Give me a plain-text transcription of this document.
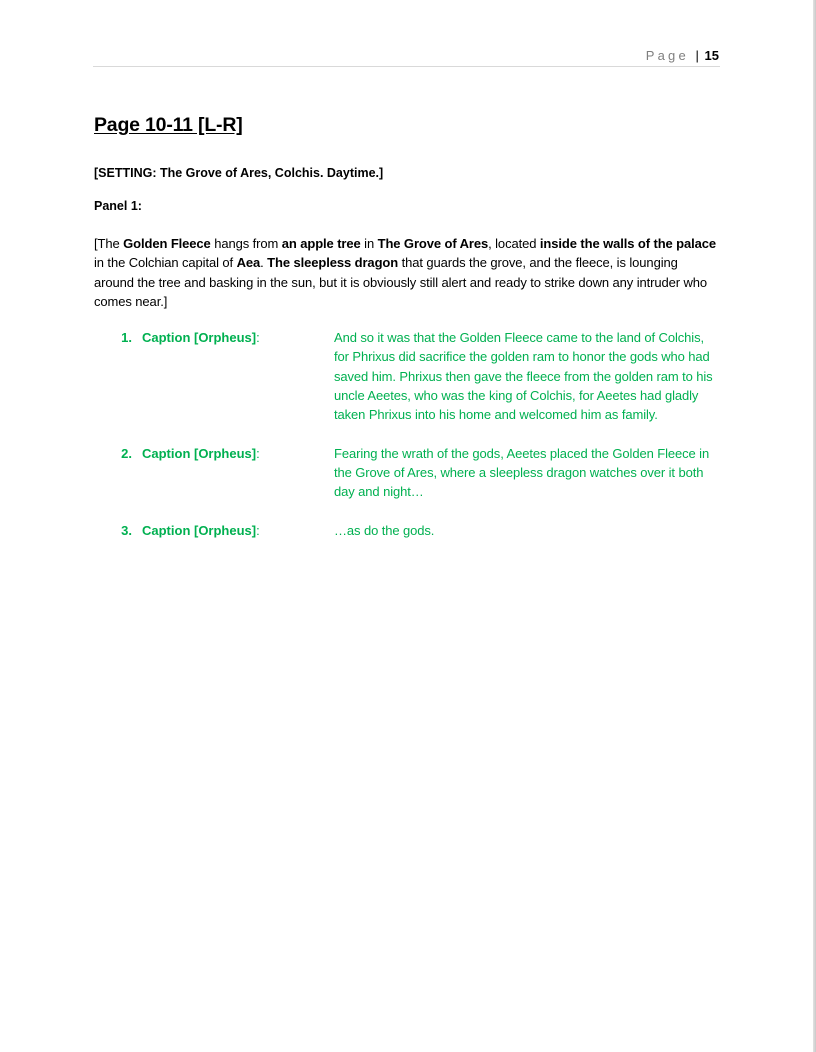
Page | 15
Page 10-11 [L-R]
[SETTING: The Grove of Ares, Colchis. Daytime.]
Panel 1:

[The Golden Fleece hangs from an apple tree in The Grove of Ares, located inside the walls of the palace in the Colchian capital of Aea. The sleepless dragon that guards the grove, and the fleece, is lounging around the tree and basking in the sun, but it is obviously still alert and ready to strike down any intruder who comes near.]

1. Caption [Orpheus]:	And so it was that the Golden Fleece came to the land of Colchis, for Phrixus did sacrifice the golden ram to honor the gods who had saved him. Phrixus then gave the fleece from the golden ram to his uncle Aeetes, who was the king of Colchis, for Aeetes had gladly taken Phrixus into his home and welcomed him as family.
2. Caption [Orpheus]:	Fearing the wrath of the gods, Aeetes placed the Golden Fleece in the Grove of Ares, where a sleepless dragon watches over it both day and night…
3. Caption [Orpheus]:	…as do the gods.
